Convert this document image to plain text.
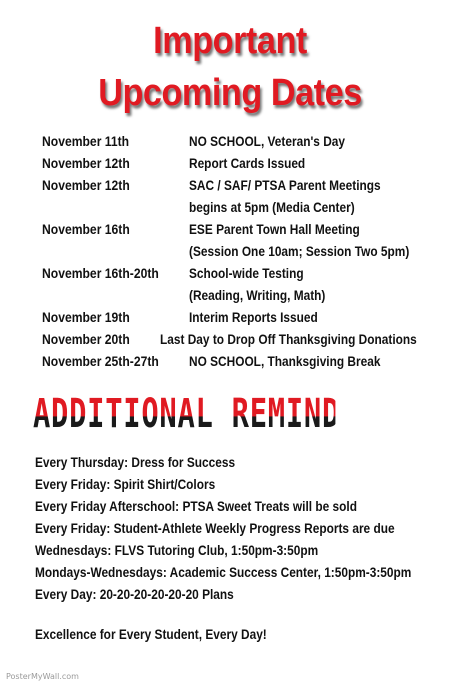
Important
Upcoming Dates
November 11th	NO SCHOOL, Veteran's Day
November 12th	Report Cards Issued
November 12th	SAC / SAF/ PTSA Parent Meetings
begins at 5pm (Media Center)
November 16th	ESE Parent Town Hall Meeting
(Session One 10am; Session Two 5pm)
November 16th-20th	School-wide Testing
(Reading, Writing, Math)
November 19th	Interim Reports Issued
November 20th	Last Day to Drop Off Thanksgiving Donations
November 25th-27th	NO SCHOOL, Thanksgiving Break
ADDITIONAL REMINDERS
Every Thursday: Dress for Success
Every Friday: Spirit Shirt/Colors
Every Friday Afterschool: PTSA Sweet Treats will be sold
Every Friday: Student-Athlete Weekly Progress Reports are due
Wednesdays: FLVS Tutoring Club, 1:50pm-3:50pm
Mondays-Wednesdays: Academic Success Center, 1:50pm-3:50pm
Every Day: 20-20-20-20-20-20 Plans
Excellence for Every Student, Every Day!
PosterMyWall.com
